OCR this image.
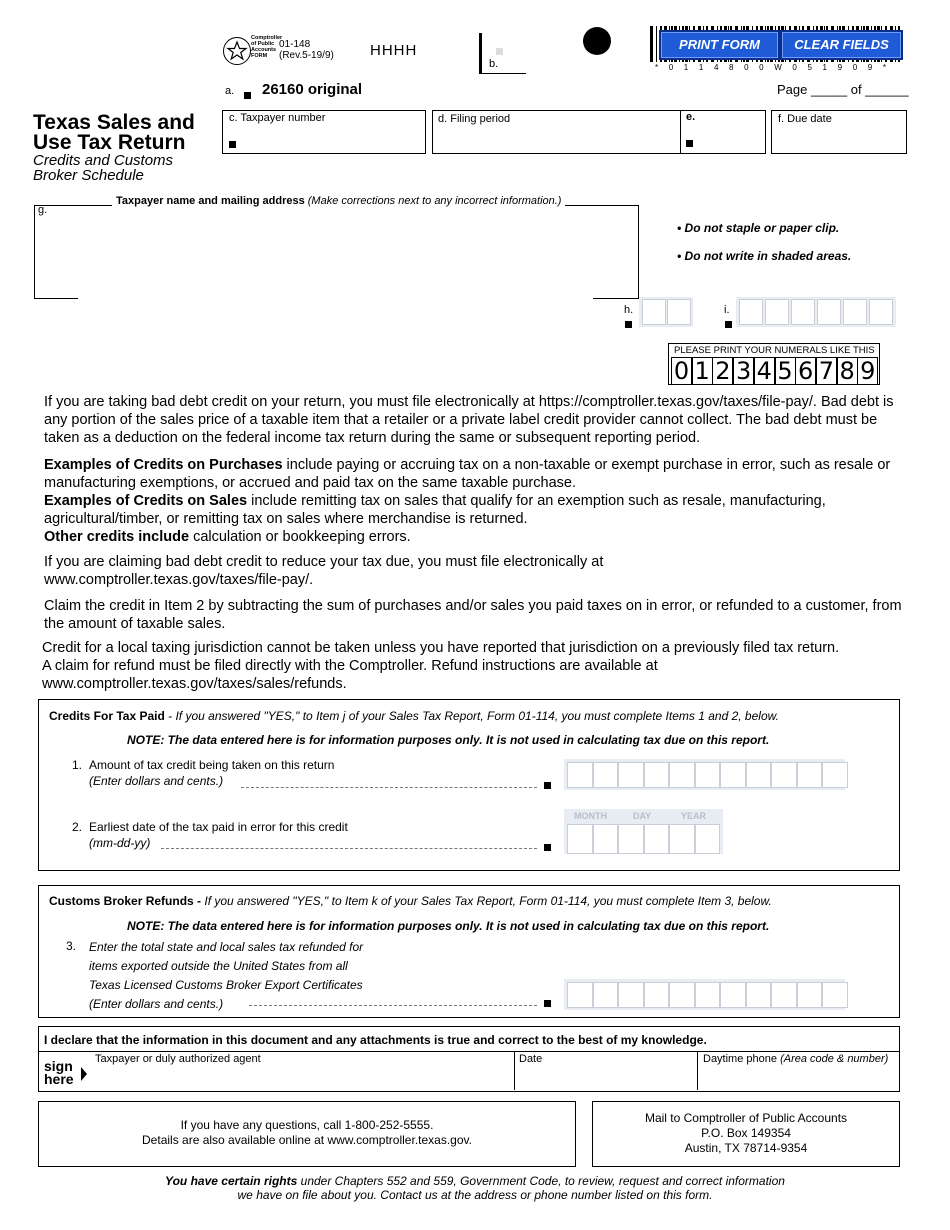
Comptroller
of Public
Accounts
FORM
01-148
(Rev.5-19/9) HHHH
b.
PRINT FORM	CLEAR FIELDS
* 0 1 1 4 8 0 0 W 0 5 1 9 0 9 *
a. 26160 original	Page _____ of ______
Texas Sales and
Use Tax Return
Credits and Customs
Broker Schedule
c. Taxpayer number	d. Filing period	e.	f. Due date
Taxpayer name and mailing address (Make corrections next to any incorrect information.)
g.
• Do not staple or paper clip.
• Do not write in shaded areas.
h.	i.
PLEASE PRINT YOUR NUMERALS LIKE THIS
0 1 2 3 4 5 6 7 8 9
If you are taking bad debt credit on your return, you must file electronically at https://comptroller.texas.gov/taxes/file-pay/. Bad debt is any portion of the sales price of a taxable item that a retailer or a private label credit provider cannot collect. The bad debt must be taken as a deduction on the federal income tax return during the same or subsequent reporting period.
Examples of Credits on Purchases include paying or accruing tax on a non-taxable or exempt purchase in error, such as resale or manufacturing exemptions, or accrued and paid tax on the same taxable purchase.
Examples of Credits on Sales include remitting tax on sales that qualify for an exemption such as resale, manufacturing, agricultural/timber, or remitting tax on sales where merchandise is returned.
Other credits include calculation or bookkeeping errors.
If you are claiming bad debt credit to reduce your tax due, you must file electronically at
www.comptroller.texas.gov/taxes/file-pay/.
Claim the credit in Item 2 by subtracting the sum of purchases and/or sales you paid taxes on in error, or refunded to a customer, from the amount of taxable sales.
Credit for a local taxing jurisdiction cannot be taken unless you have reported that jurisdiction on a previously filed tax return.
A claim for refund must be filed directly with the Comptroller. Refund instructions are available at
www.comptroller.texas.gov/taxes/sales/refunds.
Credits For Tax Paid - If you answered "YES," to Item j of your Sales Tax Report, Form 01-114, you must complete Items 1 and 2, below.
NOTE: The data entered here is for information purposes only. It is not used in calculating tax due on this report.
1. Amount of tax credit being taken on this return
(Enter dollars and cents.)
2. Earliest date of the tax paid in error for this credit
(mm-dd-yy)
MONTH	DAY	YEAR
Customs Broker Refunds - If you answered "YES," to Item k of your Sales Tax Report, Form 01-114, you must complete Item 3, below.
NOTE: The data entered here is for information purposes only. It is not used in calculating tax due on this report.
3. Enter the total state and local sales tax refunded for
items exported outside the United States from all
Texas Licensed Customs Broker Export Certificates
(Enter dollars and cents.)
I declare that the information in this document and any attachments is true and correct to the best of my knowledge.
sign
here
Taxpayer or duly authorized agent	Date	Daytime phone (Area code & number)
If you have any questions, call 1-800-252-5555.
Details are also available online at www.comptroller.texas.gov.
Mail to Comptroller of Public Accounts
P.O. Box 149354
Austin, TX 78714-9354
You have certain rights under Chapters 552 and 559, Government Code, to review, request and correct information
we have on file about you. Contact us at the address or phone number listed on this form.
